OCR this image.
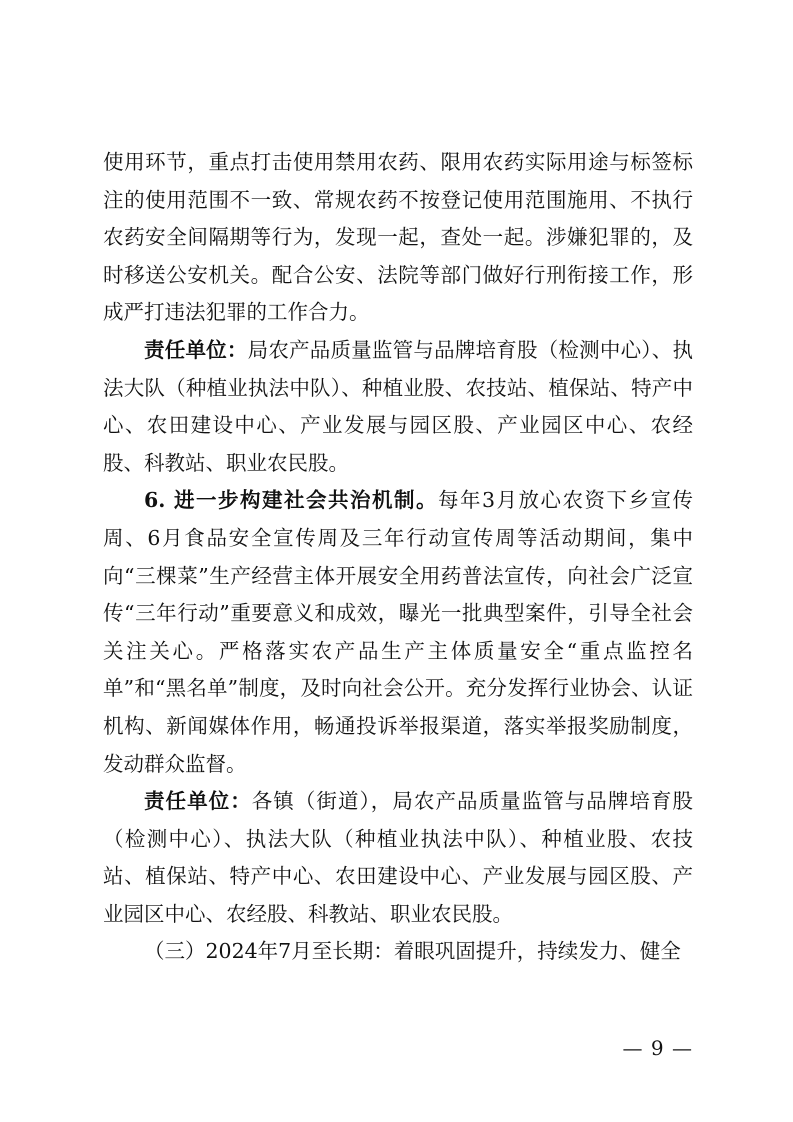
使用环节，重点打击使用禁用农药、限用农药实际用途与标签标注的使用范围不一致、常规农药不按登记使用范围施用、不执行农药安全间隔期等行为，发现一起，查处一起。涉嫌犯罪的，及时移送公安机关。配合公安、法院等部门做好行刑衔接工作，形成严打违法犯罪的工作合力。

责任单位：局农产品质量监管与品牌培育股（检测中心）、执法大队（种植业执法中队）、种植业股、农技站、植保站、特产中心、农田建设中心、产业发展与园区股、产业园区中心、农经股、科教站、职业农民股。

6. 进一步构建社会共治机制。每年3月放心农资下乡宣传周、6月食品安全宣传周及三年行动宣传周等活动期间，集中向“三棵菜”生产经营主体开展安全用药普法宣传，向社会广泛宣传“三年行动”重要意义和成效，曝光一批典型案件，引导全社会关注关心。严格落实农产品生产主体质量安全“重点监控名单”和“黑名单”制度，及时向社会公开。充分发挥行业协会、认证机构、新闻媒体作用，畅通投诉举报渠道，落实举报奖励制度，发动群众监督。

责任单位：各镇（街道），局农产品质量监管与品牌培育股（检测中心）、执法大队（种植业执法中队）、种植业股、农技站、植保站、特产中心、农田建设中心、产业发展与园区股、产业园区中心、农经股、科教站、职业农民股。

（三）2024年7月至长期：着眼巩固提升，持续发力、健全

— 9 —
